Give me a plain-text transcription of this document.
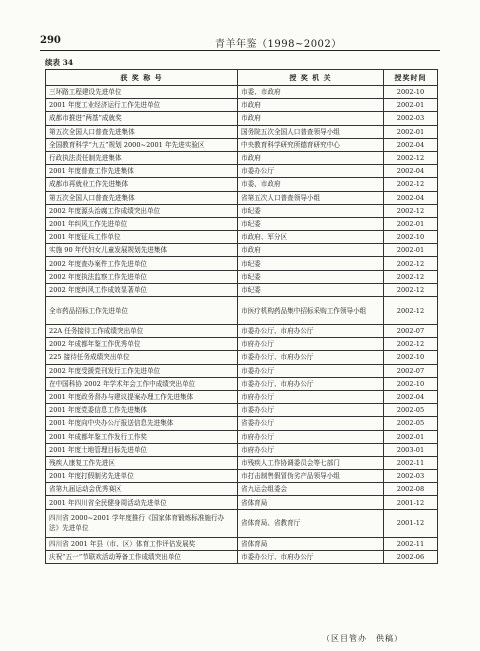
290	青羊年鉴（1998~2002）
续表 34
获 奖 称 号	授 奖 机 关	授奖时间
三环路工程建设先进单位	市委、市政府	2002-10
2001 年度工业经济运行工作先进单位	市政府	2002-01
成都市推进“两基”成就奖	市政府	2002-03
第五次全国人口普查先进集体	国务院五次全国人口普查领导小组	2002-01
全国教育科学“九五”规划 2000~2001 年先进实验区	中央教育科学研究所德育研究中心	2002-04
行政执法责任制先进集体	市政府	2002-12
2001 年度普查工作先进集体	市委办公厅	2002-04
成都市再就业工作先进集体	市委、市政府	2002-12
第五次全国人口普查先进集体	省第五次人口普查领导小组	2002-04
2002 年度源头治腐工作成绩突出单位	市纪委	2002-12
2001 年纠风工作先进单位	市纪委	2002-01
2001 年度征兵工作单位	市政府、军分区	2002-10
实施 90 年代妇女儿童发展规划先进集体	市政府	2002-01
2002 年度查办案件工作先进单位	市纪委	2002-12
2002 年度执法监察工作先进单位	市纪委	2002-12
2002 年度纠风工作成效显著单位	市纪委	2002-12
全市药品招标工作先进单位	市医疗机构药品集中招标采购工作领导小组	2002-12
22A 任务接待工作成绩突出单位	市委办公厅、市府办公厅	2002-07
2002 年成都年鉴工作优秀单位	市府办公厅	2002-12
225 接待任务成绩突出单位	市委办公厅、市府办公厅	2002-10
2002 年度受援党刊发行工作先进单位	市委办公厅	2002-07
在中国科协 2002 年学术年会工作中成绩突出单位	市委办公厅、市府办公厅	2002-10
2001 年度政务督办与建议提案办理工作先进集体	市府办公厅	2002-04
2001 年度党委信息工作先进集体	市委办公厅	2002-05
2001 年度向中央办公厅报送信息先进集体	省委办公厅	2002-05
2001 年成都年鉴工作发行工作奖	市府办公厅	2002-01
2001 年度土地管理目标先进单位	市府办公厅	2003-01
残疾人康复工作先进区	市残疾人工作协调委员会等七部门	2002-11
2001 年度打假制劣先进单位	市打击制售假冒伪劣产品领导小组	2002-03
省第九届运动会优秀赛区	省九运会组委会	2002-08
2001 年四川省全民健身周活动先进单位	省体育局	2001-12
四川省 2000~2001 学年度推行《国家体育锻炼标准施行办法》先进单位	省体育局、省教育厅	2001-12
四川省 2001 年县（市、区）体育工作评估发展奖	省体育局	2002-11
庆祝“五一”节联欢活动筹备工作成绩突出单位	市委办公厅、市府办公厅	2002-06
（区目管办　供稿）
